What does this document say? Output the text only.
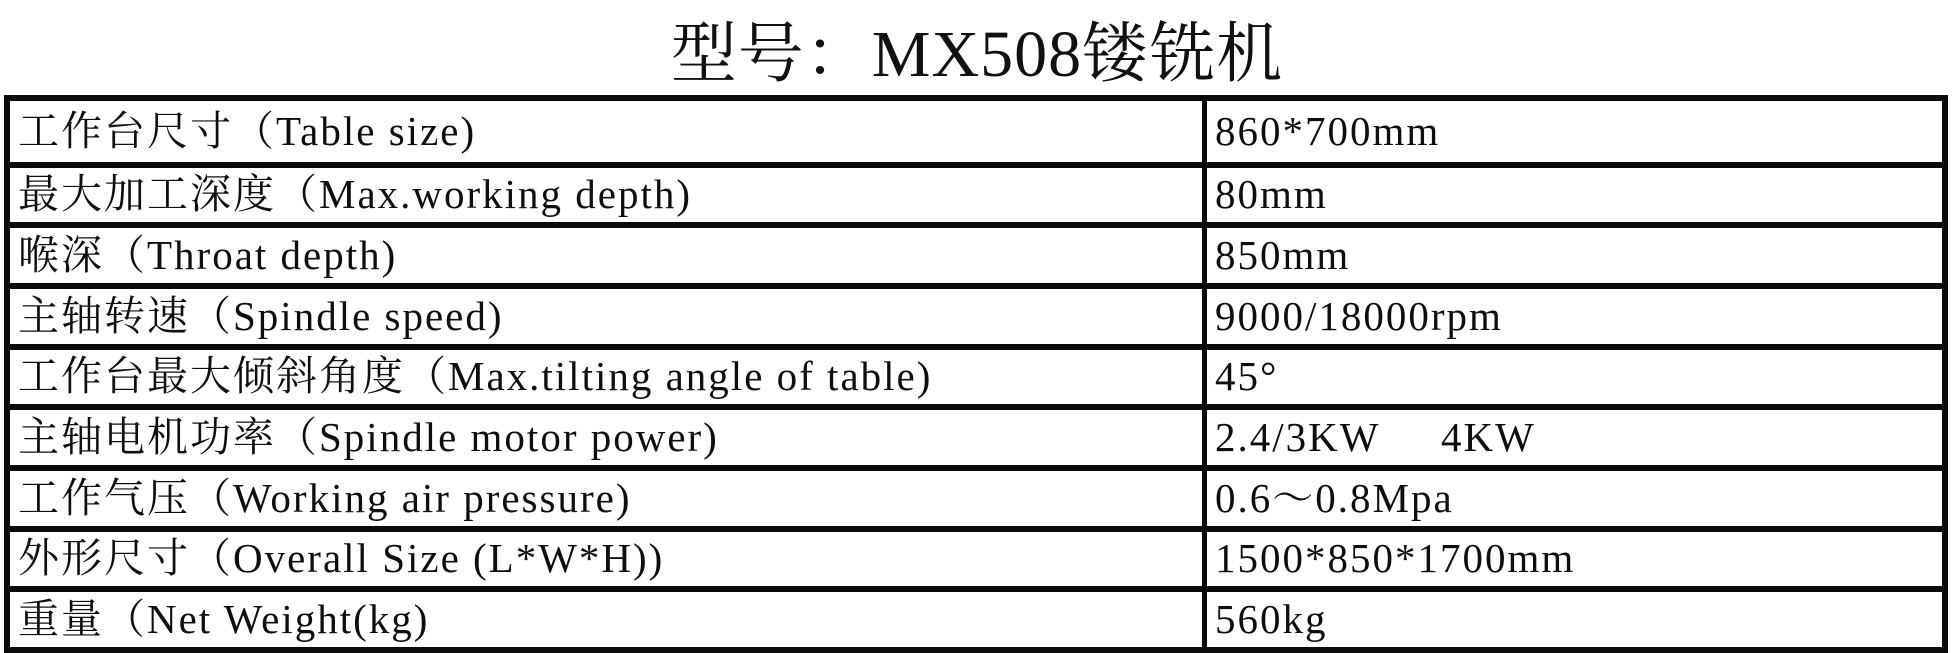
型号：MX508镂铣机
工作台尺寸（Table size)	860*700mm
最大加工深度（Max.working depth)	80mm
喉深（Throat depth)	850mm
主轴转速（Spindle speed)	9000/18000rpm
工作台最大倾斜角度（Max.tilting angle of table)	45°
主轴电机功率（Spindle motor power)	2.4/3KW     4KW
工作气压（Working air pressure)	0.6～0.8Mpa
外形尺寸（Overall Size (L*W*H))	1500*850*1700mm
重量（Net Weight(kg)	560kg
